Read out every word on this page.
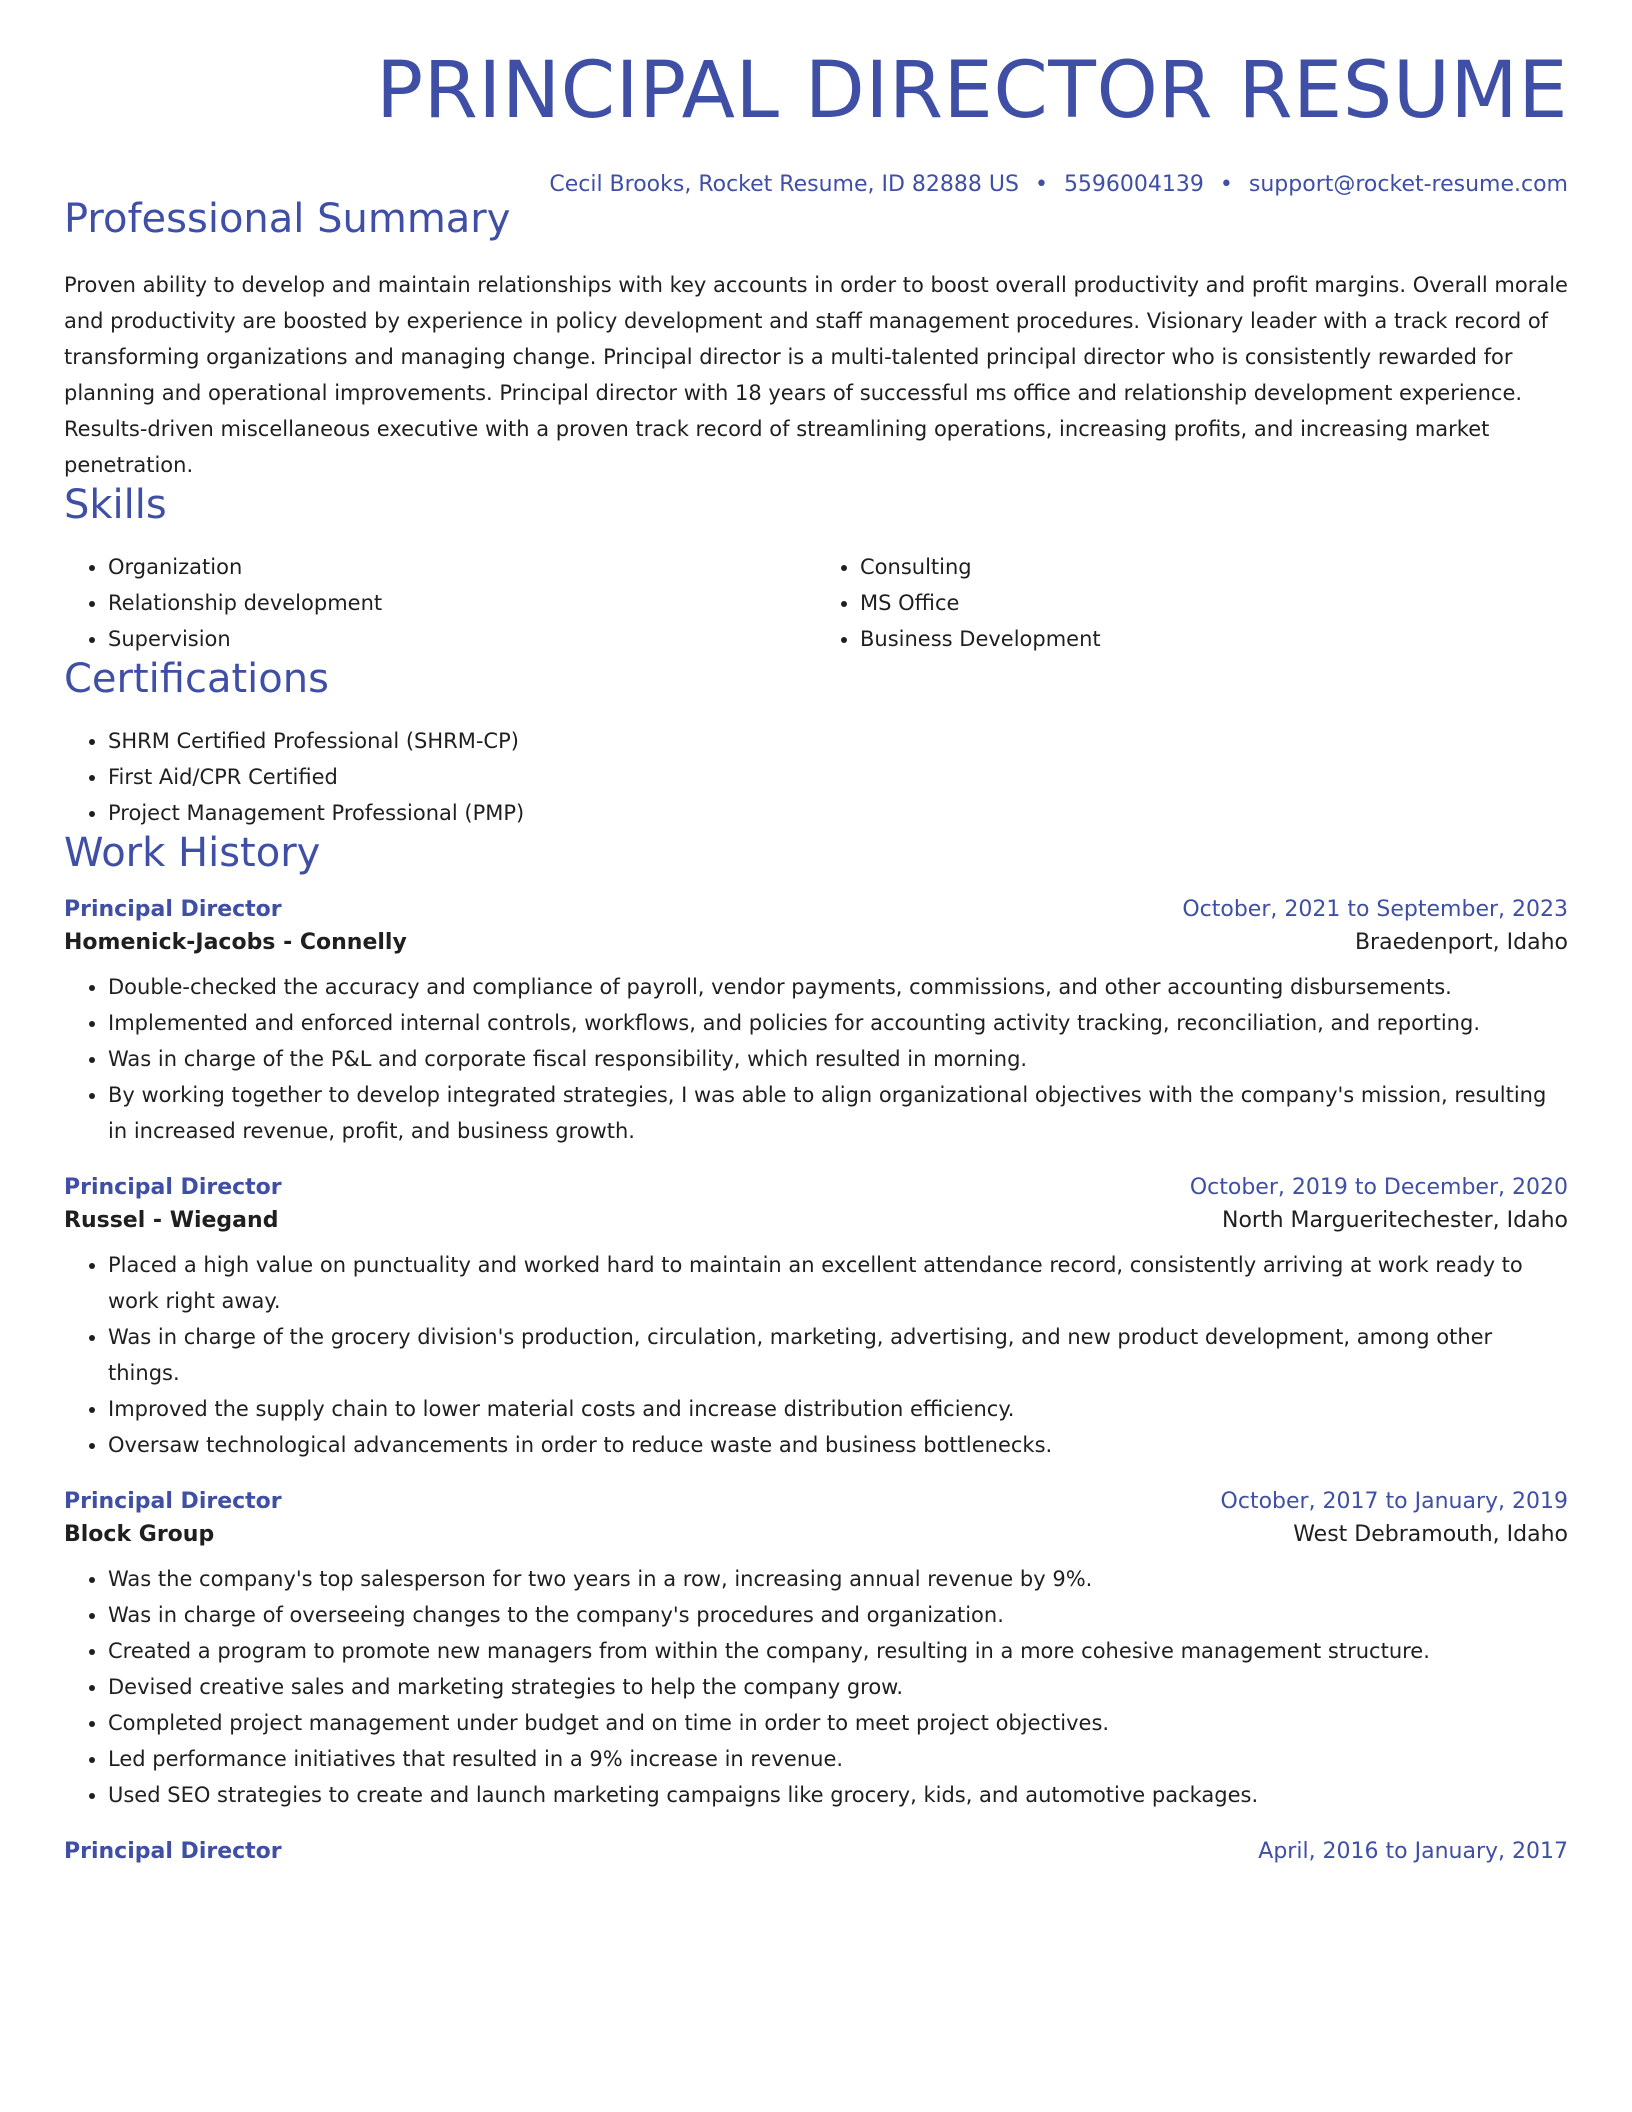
PRINCIPAL DIRECTOR RESUME
Cecil Brooks, Rocket Resume, ID 82888 US • 5596004139 • support@rocket-resume.com
Professional Summary

Proven ability to develop and maintain relationships with key accounts in order to boost overall productivity and profit margins. Overall morale and productivity are boosted by experience in policy development and staff management procedures. Visionary leader with a track record of transforming organizations and managing change. Principal director is a multi-talented principal director who is consistently rewarded for planning and operational improvements. Principal director with 18 years of successful ms office and relationship development experience. Results-driven miscellaneous executive with a proven track record of streamlining operations, increasing profits, and increasing market penetration.

Skills
• Organization
• Relationship development
• Supervision
• Consulting
• MS Office
• Business Development
Certifications
• SHRM Certified Professional (SHRM-CP)
• First Aid/CPR Certified
• Project Management Professional (PMP)
Work History
Principal Director	October, 2021 to September, 2023
Homenick-Jacobs - Connelly	Braedenport, Idaho
• Double-checked the accuracy and compliance of payroll, vendor payments, commissions, and other accounting disbursements.
• Implemented and enforced internal controls, workflows, and policies for accounting activity tracking, reconciliation, and reporting.
• Was in charge of the P&L and corporate fiscal responsibility, which resulted in morning.
• By working together to develop integrated strategies, I was able to align organizational objectives with the company's mission, resulting in increased revenue, profit, and business growth.
Principal Director	October, 2019 to December, 2020
Russel - Wiegand	North Margueritechester, Idaho
• Placed a high value on punctuality and worked hard to maintain an excellent attendance record, consistently arriving at work ready to work right away.
• Was in charge of the grocery division's production, circulation, marketing, advertising, and new product development, among other things.
• Improved the supply chain to lower material costs and increase distribution efficiency.
• Oversaw technological advancements in order to reduce waste and business bottlenecks.
Principal Director	October, 2017 to January, 2019
Block Group	West Debramouth, Idaho
• Was the company's top salesperson for two years in a row, increasing annual revenue by 9%.
• Was in charge of overseeing changes to the company's procedures and organization.
• Created a program to promote new managers from within the company, resulting in a more cohesive management structure.
• Devised creative sales and marketing strategies to help the company grow.
• Completed project management under budget and on time in order to meet project objectives.
• Led performance initiatives that resulted in a 9% increase in revenue.
• Used SEO strategies to create and launch marketing campaigns like grocery, kids, and automotive packages.
Principal Director	April, 2016 to January, 2017
